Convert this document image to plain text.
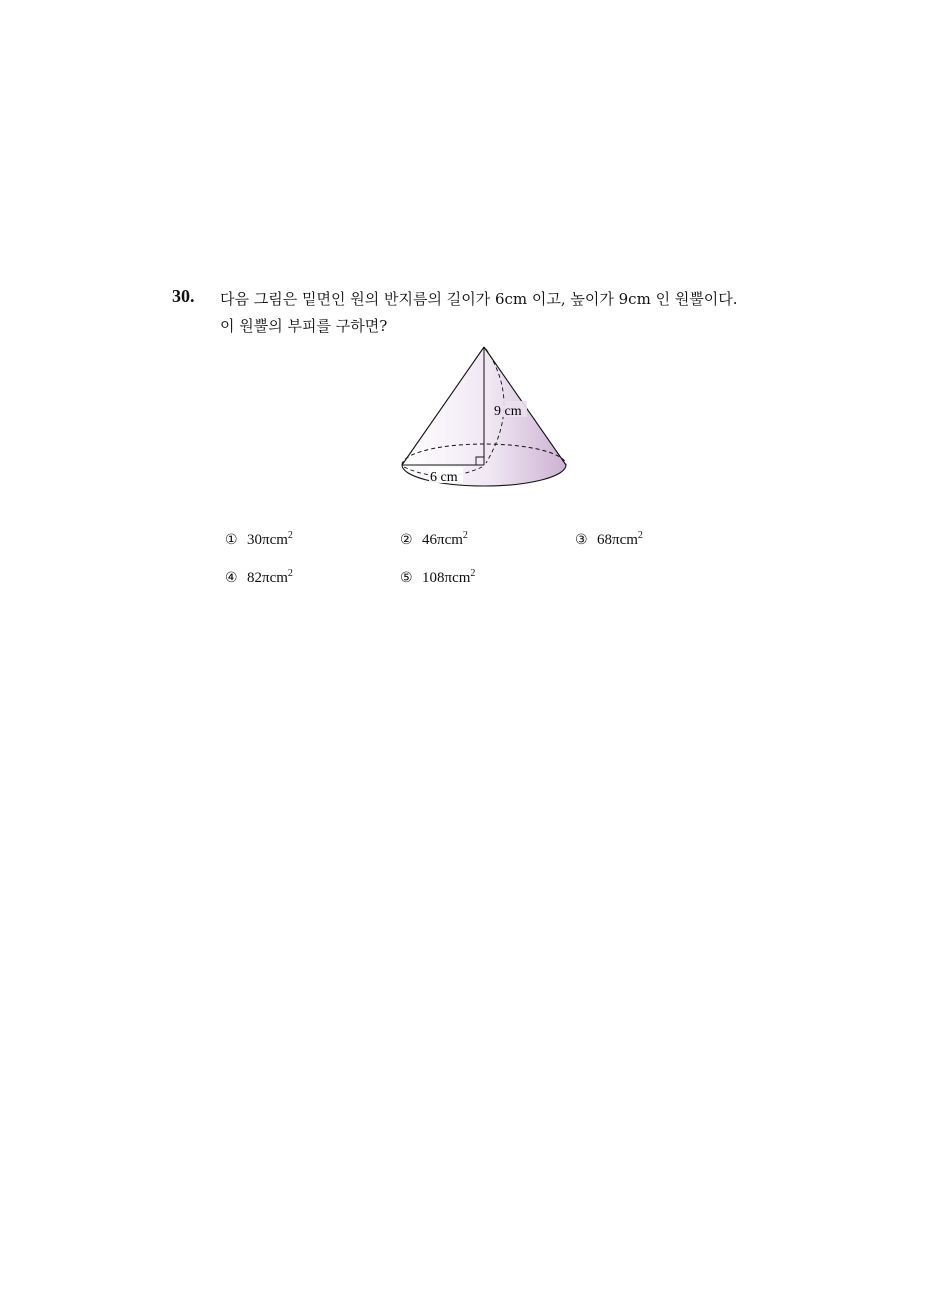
30. 다음 그림은 밑면인 원의 반지름의 길이가 6cm 이고, 높이가 9cm 인 원뿔이다.
이 원뿔의 부피를 구하면?
9 cm
6 cm
① 30πcm$^2$	② 46πcm$^2$	③ 68πcm$^2$
④ 82πcm$^2$	⑤ 108πcm$^2$
